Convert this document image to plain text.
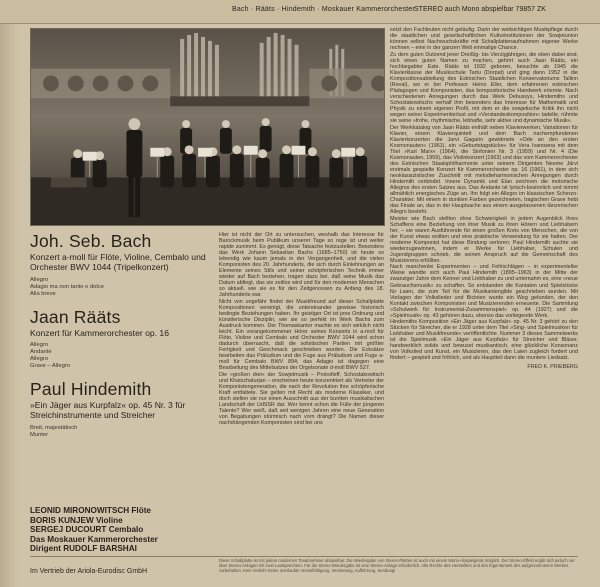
Bach · Rääts · Hindemith · Moskauer Kammerorchester STEREO auch Mono abspielbar 79857 ZK
Joh. Seb. Bach
Konzert a-moll für Flöte, Violine, Cembalo und Orchester BWV 1044 (Tripelkonzert)
Allegro
Adagio ma non tanto e dolce
Alla breve
Jaan Rääts
Konzert für Kammerorchester op. 16
Allegro
Andante
Allegro
Grave – Allegro
Paul Hindemith
»Ein Jäger aus Kurpfalz« op. 45 Nr. 3 für Streichinstrumente und Streicher
Breit, majestätisch
Munter
LEONID MIRONOWITSCH Flöte
BORIS KUNJEW Violine
SERGEJ DUCOURT Cembalo
Das Moskauer Kammerorchester
Dirigent RUDOLF BARSHAI

Hier ist nicht der Ort zu untersuchen, weshalb das Interesse für Barockmusik beim Publikum unserer Tage so rege ist und weiter rapide zunimmt. Es genügt, diese Tatsache festzustellen. Besonders das Werk Johann Sebastian Bachs (1685–1750) ist heute so lebendig wie kaum jemals in der Vergangenheit, und die vielen Komponisten des 20. Jahrhunderts, die sich durch Einlehnungen an Elemente seines Stils und seiner schöpferischen Technik immer wieder auf Bach beziehen, tragen dazu bei, daß seine Musik das Datum abfiegt, das sie zeitlos wird und für den modernen Menschen so aktuell, wie sie es für den Zeitgenossen zu Anfang des 18. Jahrhunderts war.

Nicht von ungefähr findet der Musikfreund auf dieser Schallplatte Kompositionen vereinigt, die untereinander gewisse historisch bedingte Beziehungen haben. Ihr geistiger Ort ist jene Ordnung und künstlerische Disziplin, wie sie so perfekt im Werk Bachs zum Ausdruck kommen. Der Thomaskantor machte es sich wirklich nicht leicht. Ein vorangekommener Hörer seines Konzerts in a-moll für Flöte, Violine und Cembalo und Orchester BWV 1044 wird schon dadurch überrascht, daß die solistischen Partien mit größter Fertigkeit und Geschmack geschrieben wurden. Die Ecksätze bearbeiten das Präludium und die Fuge aus Präludium und Fuge a-moll für Cembalo BWV 894; das Adagio ist dagegen eine Bearbeitung des Mittelsatzes der Orgelsonate d-moll BWV 527.

Die »großen drei« der Sowjetmusik – Prokofieff, Schostakowitsch und Khatschaturjan – erscheinen heute konzentriert als Vertreter der Komponistengeneration, die nach der Revolution ihre schöpferische Kraft entfaltete. Sie gelten mit Recht als moderne Klassiker, und doch stellen sie nur einen Ausschnitt aus der buntten musikalischen Landschaft der UdSSR dar. Wer kennt schon die Fülle der jüngeren Talente? Wer weiß, daß seit wenigen Jahren eine neue Generation von Begabungen stürmisch nach vorn drängt? Die Namen dieser nachdrängenden Komponisten sind bei uns

setzt den Fachleuten nicht geläufig. Darin der weitsichtigen Musikpflege durch die staatlichen und gesellschaftlichen Kulturinstitutionen der Sowjetunion können selbst Nachwuchskräfte mit Schallplattenaufnahmen eigener Werke rechnen – eine in der ganzen Welt einmalige Chance.

Zu dem guten Dutzend jener Dreißig- bis Vierzigjährigen, die eben dabei sind, sich einen guten Namen zu machen, gehört auch Jaan Rääts, ein hochbegabter Este. Rääts ist 1932 geboren, besuchte ab 1945 die Klavierklasse der Musikschule Tartu (Dorpat) und ging dann 1952 in die Kompositionsabteilung des Estnischen Staatlichen Konservatoriums Tallinn (Reval), wo er bei Professor Heino Eller, dem erfahrenen estnischen Pädagogen und Komponisten, das kompositorische Handwerk erlernte. Nach verschiedenen Anregungen durch das Werk Debussys, Hindemiths und Schostakowitschs verhalf ihm besonders das Interesse für Mathematik und Physik zu einem eigenen Profil, mit dem er die sowjetische Kritik ihn nicht wegen seiner Experimentierlust und »Verstandeskomposition« tadelte, rühmte sie seine »frohe, rhythmische, lebhafte, sehr aktive und dynamische Musik«.

Der Werkkatalog von Jaan Rääts enthält neben Klavierwerken, Variationen für Klavier, einem Klavierquintett und dem Bach nachempfundenen Klavierkonzerten die Jarvi Gagarin gewidmete »Ode an den ersten Kosmonauten« (1961), ein »Geburtstagstücke« für Vera Ivanowna mit dem Titel »Karl Marx« (1964), die Sinfonien Nr. 3 (1959) und Nr. 4 (Die Kosmonauten, 1959), das Violinkonzert (1963) und das vom Kammerorchester des Estnischen Staatsphilharmonie unter seinem Dirigenten Neeme Järvi erstmals gespielte Konzert für Kammerorchester op. 16 (1961), in dem sich neoklassizistischer Zuschnitt mit melodieharmonischen Anregungen durch Hindemith verbindet. Innere Dynamik und Elan zeichnen die motorische Allegros des ersten Satzes aus. Das Andante ist lyrisch-besinnlich und nimmt allmählich energisches Züge an. Ihn folgt ein Allegro im klassischen Scherzo-Charakter. Mit einem in dunklen Farben gezeichneten, tragischen Grave hebt das Finale an, das in der Hauptsache aus einem ausgelassenen tänzerischen Allegro besteht.

Meister wie Bach stellten ohne Schwierigkeit in jedem Augenblick ihres Schaffens eine Beziehung von ihrer Musik zu ihren Hörern und Liebhabern her, – sie waren Ausführende für einen großen Kreis von Menschen, die von der Kunst etwas wollten und eine praktische Verwendung für sie hatten. Der moderne Komponist hat diese Bindung verloren; Paul Hindemith suchte sie wiederzugewinnen, indem er Werke für Liebhaber, Schulen und Jugendgruppen schrieb, die seinen Anspruch auf die Gemeinschaft des Musizierens erfüllten.

Nach manchenlei Experimenten – und Fehlschlägen – in experimenteller Weise wandte sich auch Paul Hindemith (1895–1963) in der Mitte der zwanziger Jahre dem Kenner und Liebhaber zu und unternahm es, eine »neue Gebrauchsmusik« zu schaffen. So entstanden die Kantaten und Spielstücke für Laien, die zum Teil für die Musikantengilde geschrieben wurden. Mit Vorlagen der Volkslieder und Bicinien wurde ein Weg gefunden, der den Kontakt zwischen Komponisten und Musizierenden erneuerte. Die Sammlung »Schulwerk für Instrumental-Zusammenspiel« op. 44 (1927) und die »Spielmusik« op. 43 gehören dazu, ebenso das vorliegende Werk.

Hindemiths Komposition »Ein Jäger aus Kurpfalz« op. 45 Nr. 3 gehört zu den Stücken für Streicher, die er 1928 unter dem Titel »Sing- und Spielmusiken für Liebhaber und Musikfreunde« veröffentlichte. Nummer 3 dieses Sammelwerks ist die Spielmusik »Ein Jäger aus Kurpfalz« für Streicher und Bläser, handwerklich solide und bewusst musikantisch, eine glückliche Konsonanz von Volkslied und Kunst, ein Musizieren, das den Laien zugleich fordert und fördert – gespielt und fröhlich, und als Hauptteil dann die muntere Liedsatz.

FRED K. PRIEBERG
Diese Schallplatte ist mit jedem modernen Tonabnehmer abspielbar. Die Wiedergabe von Stereo-Platten ist auch mit einem Mono-Abspielgerät möglich. Der Stereo-Effekt ergibt sich jedoch nur über Stereo-Anlagen mit zwei Lautsprechern. Für die Stereo-Wiedergabe ist eine Stereo-Anlage erforderlich. Alle Rechte des Herstellers und des Eigentümers des aufgenommenen Werkes vorbehalten. Kein Verleih! Keine unerlaubte Vervielfältigung, Vermietung, Aufführung, Sendung!
Im Vertrieb der Ariola-Eurodisc GmbH
